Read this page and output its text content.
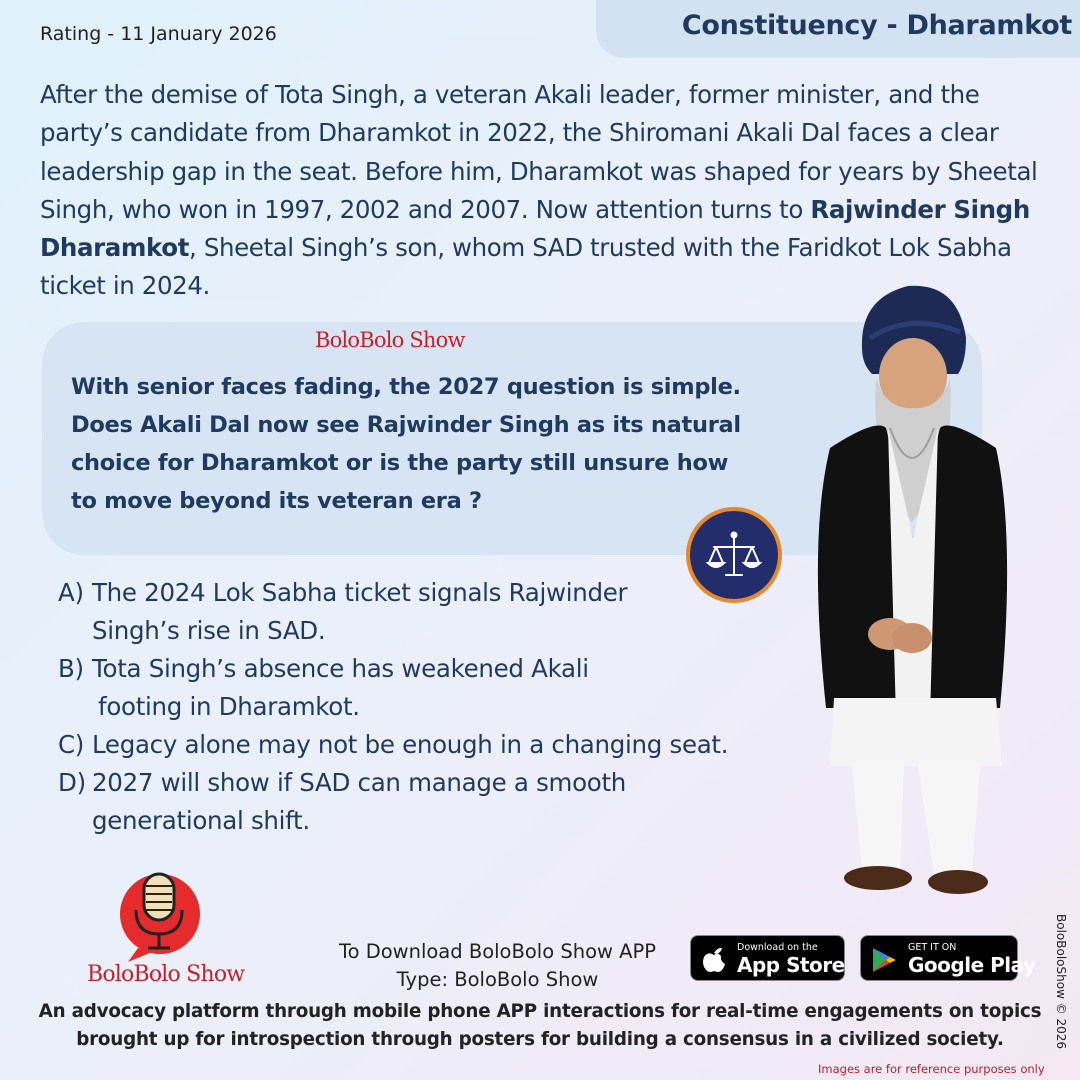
Constituency - Dharamkot
Rating - 11 January 2026
After the demise of Tota Singh, a veteran Akali leader, former minister, and the party’s candidate from Dharamkot in 2022, the Shiromani Akali Dal faces a clear leadership gap in the seat. Before him, Dharamkot was shaped for years by Sheetal Singh, who won in 1997, 2002 and 2007. Now attention turns to Rajwinder Singh Dharamkot, Sheetal Singh’s son, whom SAD trusted with the Faridkot Lok Sabha ticket in 2024.
BoloBolo Show
With senior faces fading, the 2027 question is simple. Does Akali Dal now see Rajwinder Singh as its natural choice for Dharamkot or is the party still unsure how to move beyond its veteran era ?
A) The 2024 Lok Sabha ticket signals Rajwinder
Singh’s rise in SAD.
B) Tota Singh’s absence has weakened Akali
footing in Dharamkot.
C) Legacy alone may not be enough in a changing seat.
D) 2027 will show if SAD can manage a smooth
generational shift.
BoloBolo Show
To Download BoloBolo Show APP
Type: BoloBolo Show
Download on the
App Store
GET IT ON
Google Play
An advocacy platform through mobile phone APP interactions for real-time engagements on topics brought up for introspection through posters for building a consensus in a civilized society.	BoloBoloShow © 2026
Images are for reference purposes only
